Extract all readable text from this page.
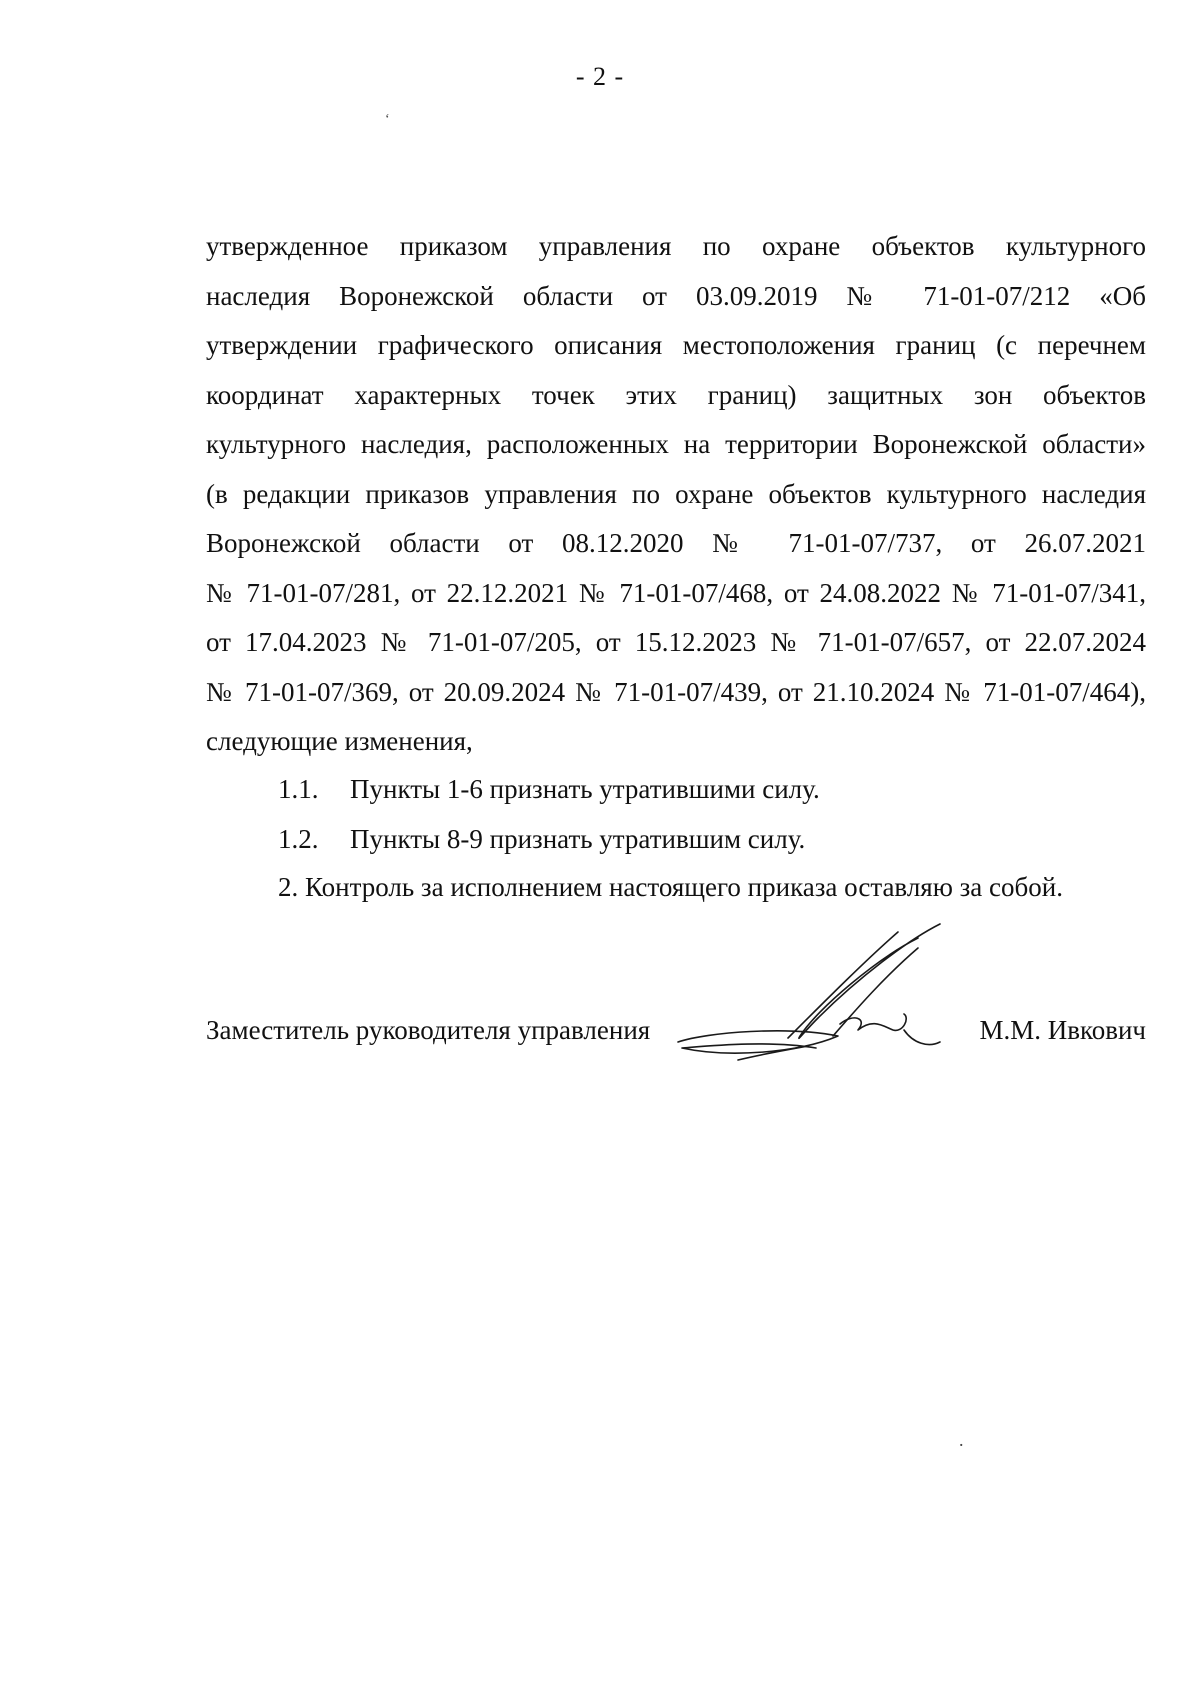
- 2 -
‘
утвержденное приказом управления по охране объектов культурного
наследия Воронежской области от 03.09.2019 № 71-01-07/212 «Об
утверждении графического описания местоположения границ (с перечнем
координат характерных точек этих границ) защитных зон объектов
культурного наследия, расположенных на территории Воронежской области»
(в редакции приказов управления по охране объектов культурного наследия
Воронежской области от 08.12.2020 № 71-01-07/737, от 26.07.2021
№ 71-01-07/281, от 22.12.2021 № 71-01-07/468, от 24.08.2022 № 71-01-07/341,
от 17.04.2023 № 71-01-07/205, от 15.12.2023 № 71-01-07/657, от 22.07.2024
№ 71-01-07/369, от 20.09.2024 № 71-01-07/439, от 21.10.2024 № 71-01-07/464),
следующие изменения,
1.1.	Пункты 1-6 признать утратившими силу.
1.2.	Пункты 8-9 признать утратившим силу.
2. Контроль за исполнением настоящего приказа оставляю за собой.
Заместитель руководителя управления	М.М. Ивкович
.
